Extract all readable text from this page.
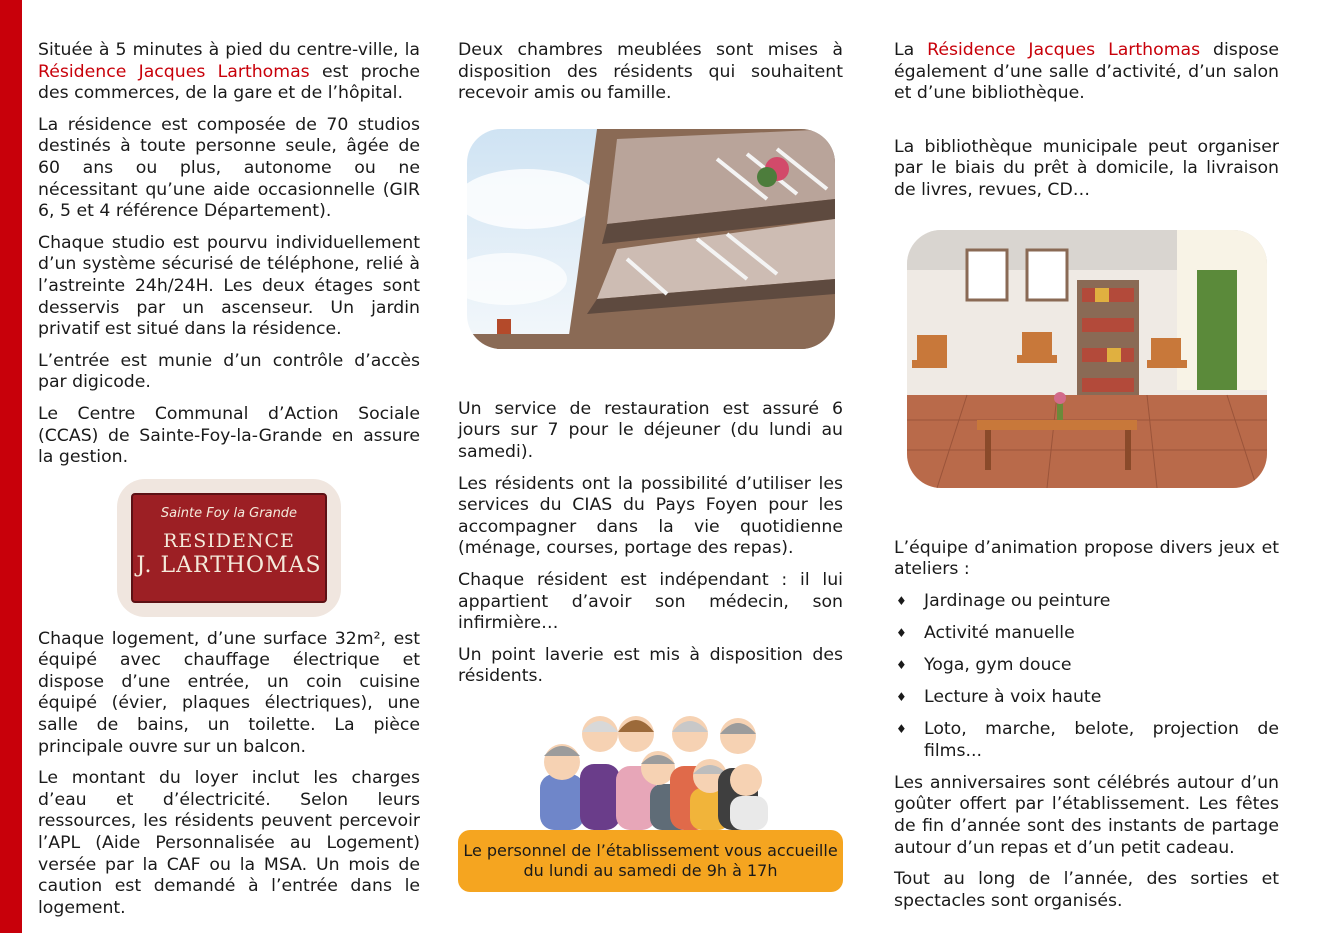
Située à 5 minutes à pied du centre-ville, la Résidence Jacques Larthomas est proche des commerces, de la gare et de l’hôpital.

La résidence est composée de 70 studios destinés à toute personne seule, âgée de 60 ans ou plus, autonome ou ne nécessitant qu’une aide occasionnelle (GIR 6, 5 et 4 référence Département).

Chaque studio est pourvu individuellement d’un système sécurisé de téléphone, relié à l’astreinte 24h/24H. Les deux étages sont desservis par un ascenseur. Un jardin privatif est situé dans la résidence.

L’entrée est munie d’un contrôle d’accès par digicode.

Le Centre Communal d’Action Sociale (CCAS) de Sainte-Foy-la-Grande en assure la gestion.

Sainte Foy la Grande
RESIDENCE
J. LARTHOMAS

Chaque logement, d’une surface 32m², est équipé avec chauffage électrique et dispose d’une entrée, un coin cuisine équipé (évier, plaques électriques), une salle de bains, un toilette. La pièce principale ouvre sur un balcon.

Le montant du loyer inclut les charges d’eau et d’électricité. Selon leurs ressources, les résidents peuvent percevoir l’APL (Aide Personnalisée au Logement) versée par la CAF ou la MSA. Un mois de caution est demandé à l’entrée dans le logement.

Deux chambres meublées sont mises à disposition des résidents qui souhaitent recevoir amis ou famille.

Un service de restauration est assuré 6 jours sur 7 pour le déjeuner (du lundi au samedi).

Les résidents ont la possibilité d’utiliser les services du CIAS du Pays Foyen pour les accompagner dans la vie quotidienne (ménage, courses, portage des repas).

Chaque résident est indépendant : il lui appartient d’avoir son médecin, son infirmière…

Un point laverie est mis à disposition des résidents.

Le personnel de l’établissement vous accueille
du lundi au samedi de 9h à 17h

La Résidence Jacques Larthomas dispose également d’une salle d’activité, d’un salon et d’une bibliothèque.

La bibliothèque municipale peut organiser par le biais du prêt à domicile, la livraison de livres, revues, CD…

L’équipe d’animation propose divers jeux et ateliers :

♦ Jardinage ou peinture
♦ Activité manuelle
♦ Yoga, gym douce
♦ Lecture à voix haute
♦ Loto, marche, belote, projection de films...

Les anniversaires sont célébrés autour d’un goûter offert par l’établissement. Les fêtes de fin d’année sont des instants de partage autour d’un repas et d’un petit cadeau.

Tout au long de l’année, des sorties et spectacles sont organisés.
